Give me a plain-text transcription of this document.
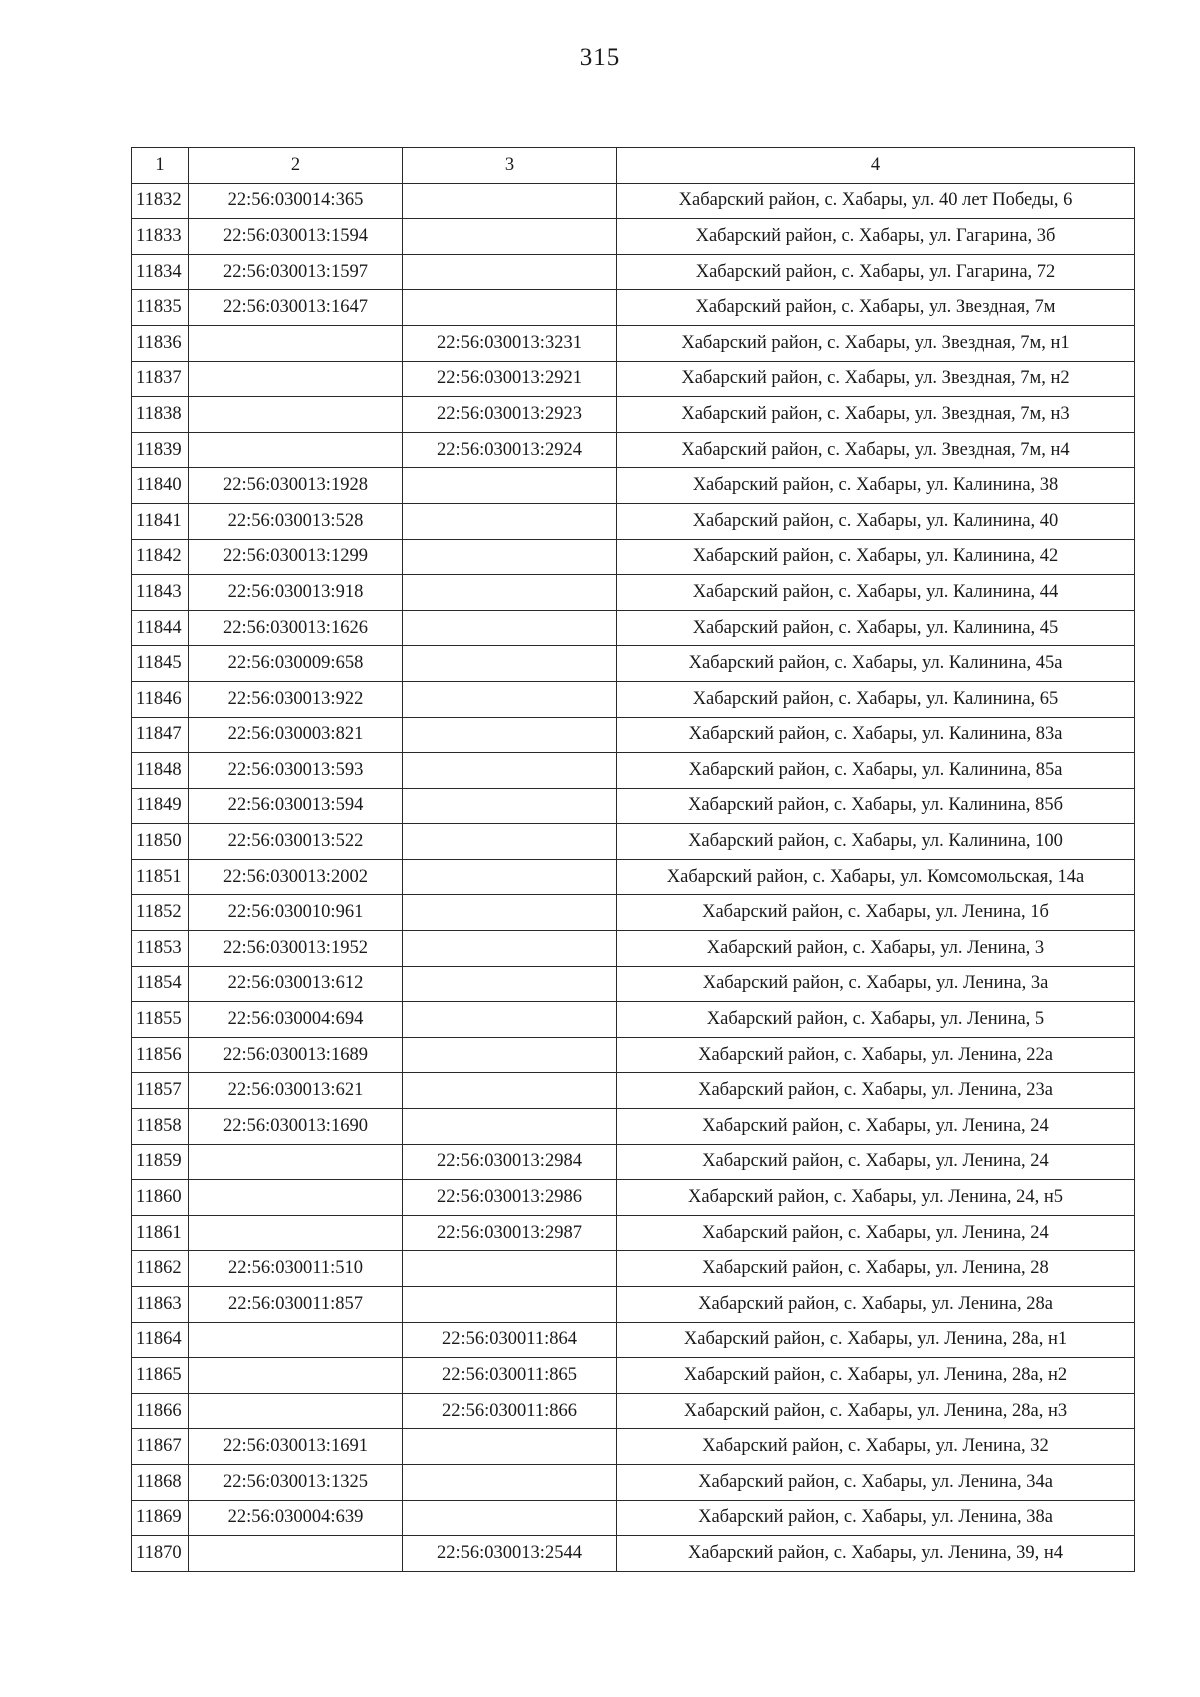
315
1	2	3	4
11832	22:56:030014:365		Хабарский район, с. Хабары, ул. 40 лет Победы, 6
11833	22:56:030013:1594		Хабарский район, с. Хабары, ул. Гагарина, 3б
11834	22:56:030013:1597		Хабарский район, с. Хабары, ул. Гагарина, 72
11835	22:56:030013:1647		Хабарский район, с. Хабары, ул. Звездная, 7м
11836		22:56:030013:3231	Хабарский район, с. Хабары, ул. Звездная, 7м, н1
11837		22:56:030013:2921	Хабарский район, с. Хабары, ул. Звездная, 7м, н2
11838		22:56:030013:2923	Хабарский район, с. Хабары, ул. Звездная, 7м, н3
11839		22:56:030013:2924	Хабарский район, с. Хабары, ул. Звездная, 7м, н4
11840	22:56:030013:1928		Хабарский район, с. Хабары, ул. Калинина, 38
11841	22:56:030013:528		Хабарский район, с. Хабары, ул. Калинина, 40
11842	22:56:030013:1299		Хабарский район, с. Хабары, ул. Калинина, 42
11843	22:56:030013:918		Хабарский район, с. Хабары, ул. Калинина, 44
11844	22:56:030013:1626		Хабарский район, с. Хабары, ул. Калинина, 45
11845	22:56:030009:658		Хабарский район, с. Хабары, ул. Калинина, 45а
11846	22:56:030013:922		Хабарский район, с. Хабары, ул. Калинина, 65
11847	22:56:030003:821		Хабарский район, с. Хабары, ул. Калинина, 83а
11848	22:56:030013:593		Хабарский район, с. Хабары, ул. Калинина, 85а
11849	22:56:030013:594		Хабарский район, с. Хабары, ул. Калинина, 85б
11850	22:56:030013:522		Хабарский район, с. Хабары, ул. Калинина, 100
11851	22:56:030013:2002		Хабарский район, с. Хабары, ул. Комсомольская, 14а
11852	22:56:030010:961		Хабарский район, с. Хабары, ул. Ленина, 1б
11853	22:56:030013:1952		Хабарский район, с. Хабары, ул. Ленина, 3
11854	22:56:030013:612		Хабарский район, с. Хабары, ул. Ленина, 3а
11855	22:56:030004:694		Хабарский район, с. Хабары, ул. Ленина, 5
11856	22:56:030013:1689		Хабарский район, с. Хабары, ул. Ленина, 22а
11857	22:56:030013:621		Хабарский район, с. Хабары, ул. Ленина, 23а
11858	22:56:030013:1690		Хабарский район, с. Хабары, ул. Ленина, 24
11859		22:56:030013:2984	Хабарский район, с. Хабары, ул. Ленина, 24
11860		22:56:030013:2986	Хабарский район, с. Хабары, ул. Ленина, 24, н5
11861		22:56:030013:2987	Хабарский район, с. Хабары, ул. Ленина, 24
11862	22:56:030011:510		Хабарский район, с. Хабары, ул. Ленина, 28
11863	22:56:030011:857		Хабарский район, с. Хабары, ул. Ленина, 28а
11864		22:56:030011:864	Хабарский район, с. Хабары, ул. Ленина, 28а, н1
11865		22:56:030011:865	Хабарский район, с. Хабары, ул. Ленина, 28а, н2
11866		22:56:030011:866	Хабарский район, с. Хабары, ул. Ленина, 28а, н3
11867	22:56:030013:1691		Хабарский район, с. Хабары, ул. Ленина, 32
11868	22:56:030013:1325		Хабарский район, с. Хабары, ул. Ленина, 34а
11869	22:56:030004:639		Хабарский район, с. Хабары, ул. Ленина, 38а
11870		22:56:030013:2544	Хабарский район, с. Хабары, ул. Ленина, 39, н4
